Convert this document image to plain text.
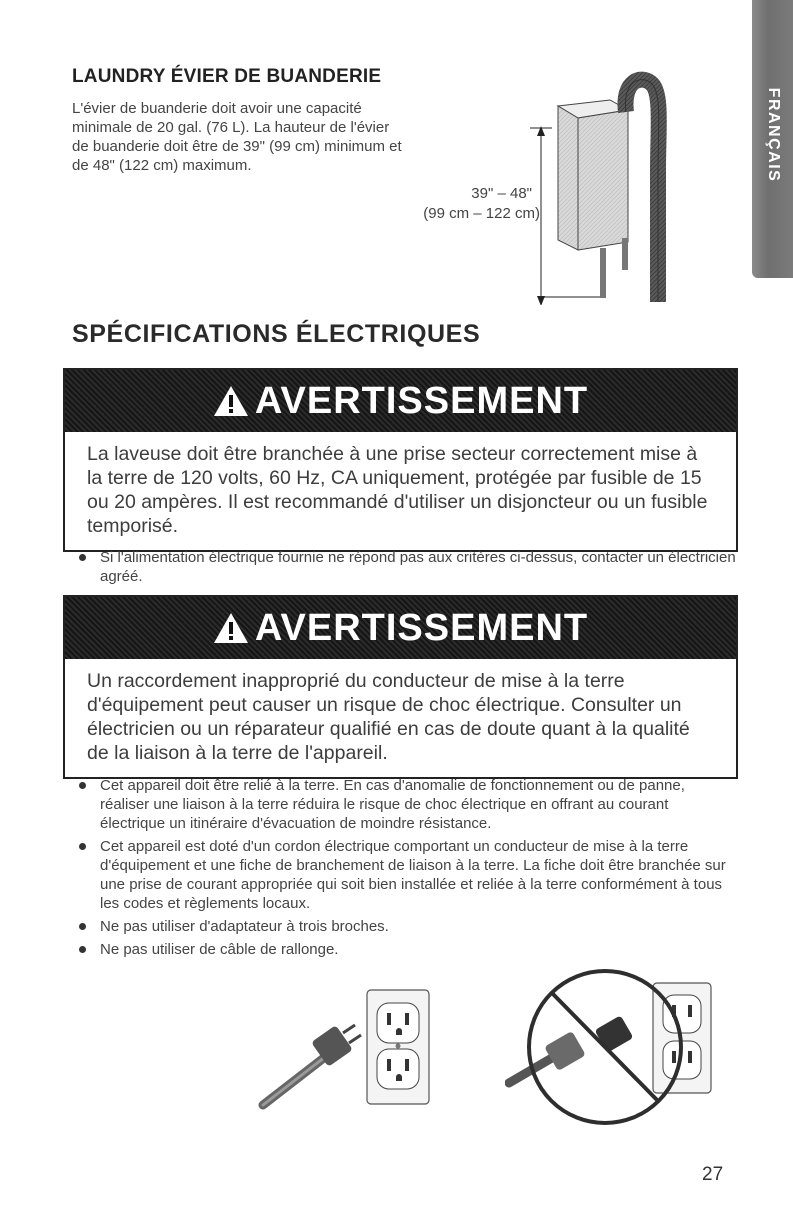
FRANÇAIS
LAUNDRY ÉVIER DE BUANDERIE
L'évier de buanderie doit avoir une capacité minimale de 20 gal. (76 L). La hauteur de l'évier de buanderie doit être de 39" (99 cm) minimum et de 48" (122 cm) maximum.
39" – 48"
(99 cm – 122 cm)
SPÉCIFICATIONS ÉLECTRIQUES
AVERTISSEMENT
La laveuse doit être branchée à une prise secteur correctement mise à la terre de 120 volts, 60 Hz, CA uniquement, protégée par fusible de 15 ou 20 ampères. Il est recommandé d'utiliser un disjoncteur ou un fusible temporisé.
Si l'alimentation électrique fournie ne répond pas aux critères ci-dessus, contacter un électricien agréé.
AVERTISSEMENT
Un raccordement inapproprié du conducteur de mise à la terre d'équipement peut causer un risque de choc électrique. Consulter un électricien ou un réparateur qualifié en cas de doute quant à la qualité de la liaison à la terre de l'appareil.
Cet appareil doit être relié à la terre. En cas d'anomalie de fonctionnement ou de panne, réaliser une liaison à la terre réduira le risque de choc électrique en offrant au courant électrique un itinéraire d'évacuation de moindre résistance.
Cet appareil est doté d'un cordon électrique comportant un conducteur de mise à la terre d'équipement et une fiche de branchement de liaison à la terre. La fiche doit être branchée sur une prise de courant appropriée qui soit bien installée et reliée à la terre conformément à tous les codes et règlements locaux.
Ne pas utiliser d'adaptateur à trois broches.
Ne pas utiliser de câble de rallonge.
27
